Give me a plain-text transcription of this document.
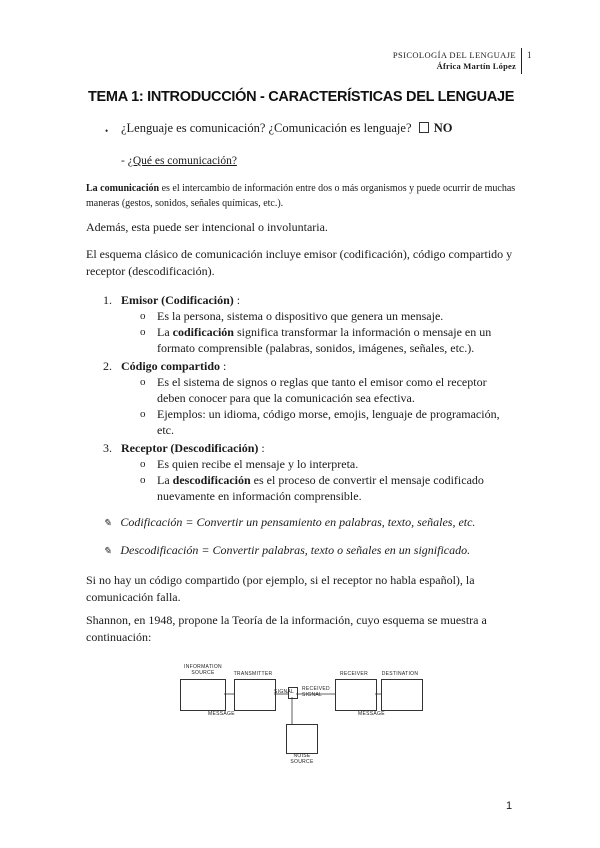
PSICOLOGÍA DEL LENGUAJE
África Martín López
1
TEMA 1: INTRODUCCIÓN - CARACTERÍSTICAS DEL LENGUAJE
• ¿Lenguaje es comunicación? ¿Comunicación es lenguaje? NO
- ¿Qué es comunicación?
La comunicación es el intercambio de información entre dos o más organismos y puede ocurrir de muchas maneras (gestos, sonidos, señales químicas, etc.).
Además, esta puede ser intencional o involuntaria.
El esquema clásico de comunicación incluye emisor (codificación), código compartido y receptor (descodificación).
1. Emisor (Codificación) :
o Es la persona, sistema o dispositivo que genera un mensaje.
o La codificación significa transformar la información o mensaje en un formato comprensible (palabras, sonidos, imágenes, señales, etc.).
2. Código compartido :
o Es el sistema de signos o reglas que tanto el emisor como el receptor deben conocer para que la comunicación sea efectiva.
o Ejemplos: un idioma, código morse, emojis, lenguaje de programación, etc.
3. Receptor (Descodificación) :
o Es quien recibe el mensaje y lo interpreta.
o La descodificación es el proceso de convertir el mensaje codificado nuevamente en información comprensible.
✎ Codificación = Convertir un pensamiento en palabras, texto, señales, etc.
✎ Descodificación = Convertir palabras, texto o señales en un significado.
Si no hay un código compartido (por ejemplo, si el receptor no habla español), la comunicación falla.
Shannon, en 1948, propone la Teoría de la información, cuyo esquema se muestra a continuación:
INFORMATION
SOURCE	TRANSMITTER	RECEIVER	DESTINATION
MESSAGE
SIGNAL RECEIVED
SIGNAL
MESSAGE
NOISE
SOURCE
1
